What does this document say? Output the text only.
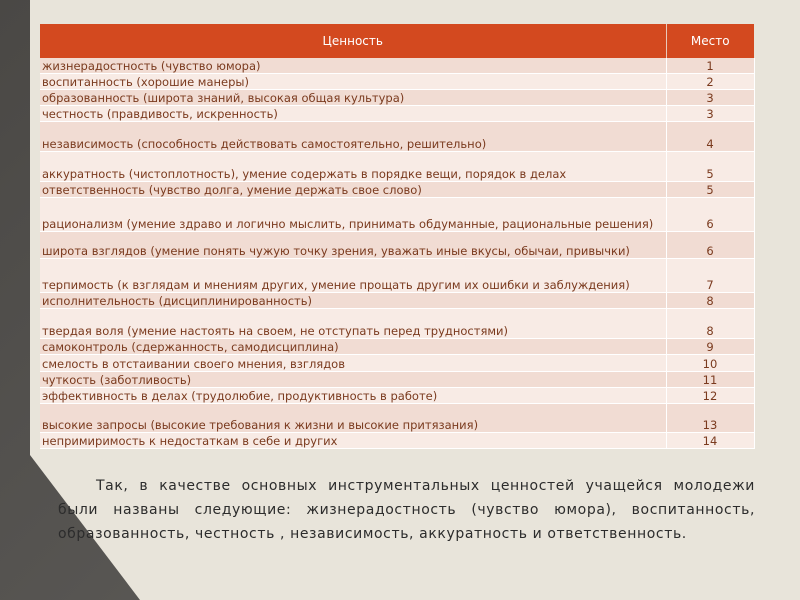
Ценность	Место
жизнерадостность (чувство юмора)	1
воспитанность (хорошие манеры)	2
образованность (широта знаний, высокая общая культура)	3
честность (правдивость, искренность)	3
независимость (способность действовать самостоятельно, решительно)	4
аккуратность (чистоплотность), умение содержать в порядке вещи, порядок в делах	5
ответственность (чувство долга, умение держать свое слово)	5
рационализм (умение здраво и логично мыслить, принимать обдуманные, рациональные решения)	6
широта взглядов (умение понять чужую точку зрения, уважать иные вкусы, обычаи, привычки)	6
терпимость (к взглядам и мнениям других, умение прощать другим их ошибки и заблуждения)	7
исполнительность (дисциплинированность)	8
твердая воля (умение настоять на своем, не отступать перед трудностями)	8
самоконтроль (сдержанность, самодисциплина)	9
смелость в отстаивании своего мнения, взглядов	10
чуткость (заботливость)	11
эффективность в делах (трудолюбие, продуктивность в работе)	12
высокие запросы (высокие требования к жизни и высокие притязания)	13
непримиримость к недостаткам в себе и других	14

Так, в качестве основных инструментальных ценностей учащейся молодежи были названы следующие: жизнерадостность (чувство юмора), воспитанность, образованность, честность , независимость, аккуратность и ответственность.
